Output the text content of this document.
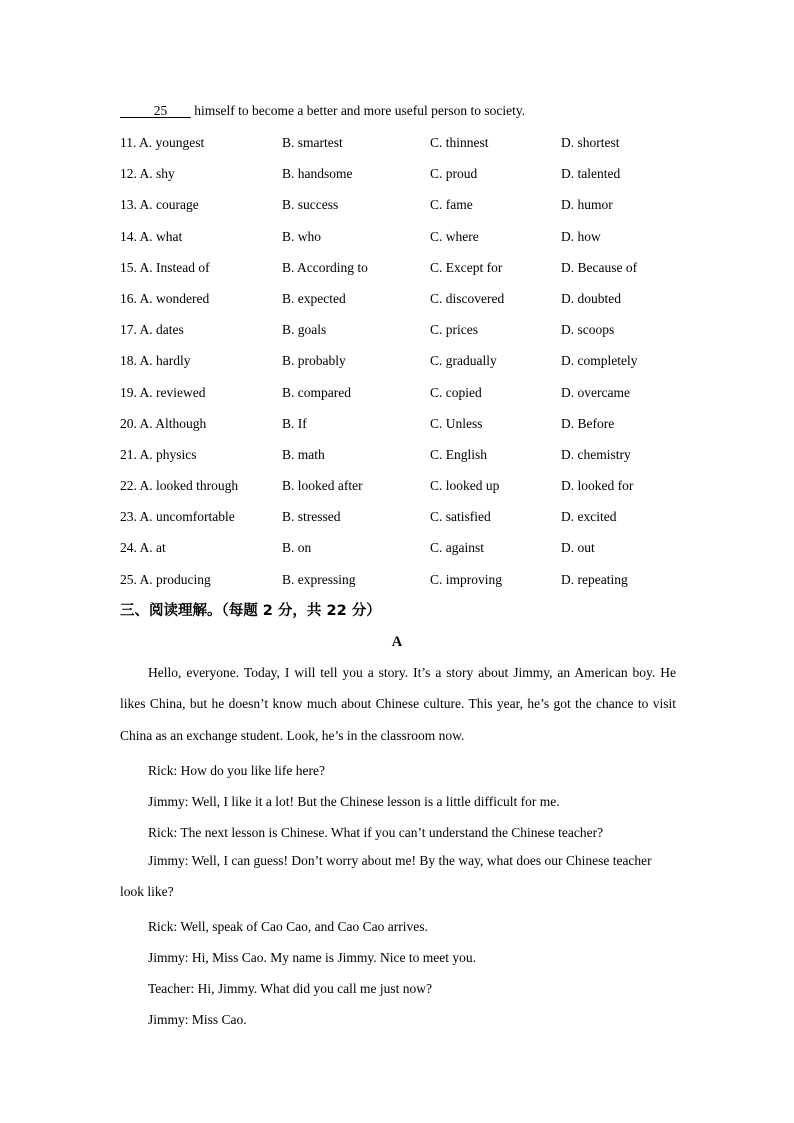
25 himself to become a better and more useful person to society.
11. A. youngest	B. smartest	C. thinnest	D. shortest
12. A. shy	B. handsome	C. proud	D. talented
13. A. courage	B. success	C. fame	D. humor
14. A. what	B. who	C. where	D. how
15. A. Instead of	B. According to	C. Except for	D. Because of
16. A. wondered	B. expected	C. discovered	D. doubted
17. A. dates	B. goals	C. prices	D. scoops
18. A. hardly	B. probably	C. gradually	D. completely
19. A. reviewed	B. compared	C. copied	D. overcame
20. A. Although	B. If	C. Unless	D. Before
21. A. physics	B. math	C. English	D. chemistry
22. A. looked through	B. looked after	C. looked up	D. looked for
23. A. uncomfortable	B. stressed	C. satisfied	D. excited
24. A. at	B. on	C. against	D. out
25. A. producing	B. expressing	C. improving	D. repeating
三、阅读理解。（每题 2 分，共 22 分）
A
Hello, everyone. Today, I will tell you a story. It’s a story about Jimmy, an American boy. He likes China, but he doesn’t know much about Chinese culture. This year, he’s got the chance to visit China as an exchange student. Look, he’s in the classroom now.
Rick: How do you like life here?
Jimmy: Well, I like it a lot! But the Chinese lesson is a little difficult for me.
Rick: The next lesson is Chinese. What if you can’t understand the Chinese teacher?
Jimmy: Well, I can guess! Don’t worry about me! By the way, what does our Chinese teacher look like?
Rick: Well, speak of Cao Cao, and Cao Cao arrives.
Jimmy: Hi, Miss Cao. My name is Jimmy. Nice to meet you.
Teacher: Hi, Jimmy. What did you call me just now?
Jimmy: Miss Cao.
